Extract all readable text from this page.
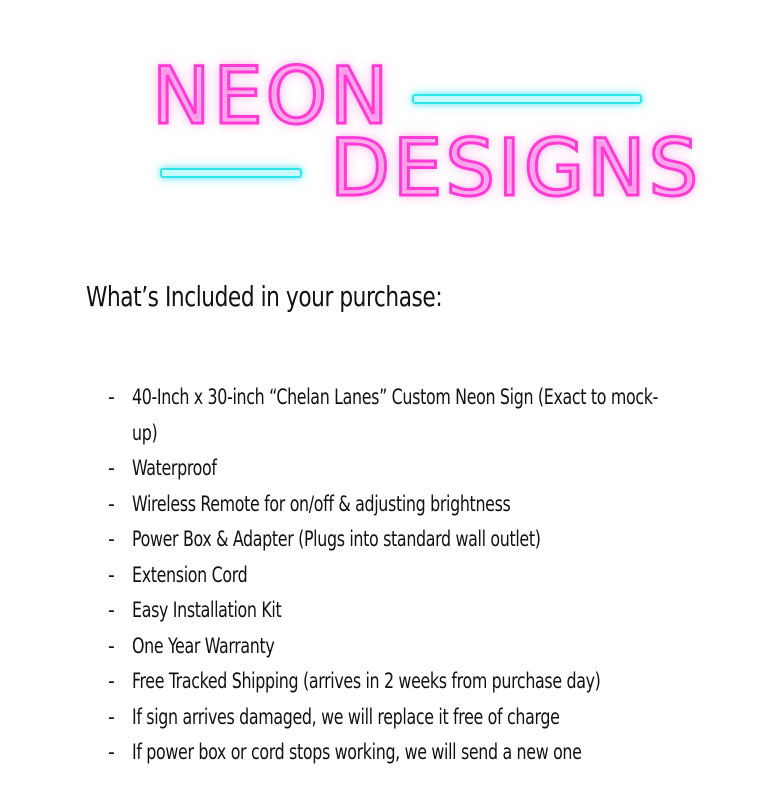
NEON
DESIGNS
What’s Included in your purchase:
- 40-Inch x 30-inch “Chelan Lanes” Custom Neon Sign (Exact to mock-up)
- Waterproof
- Wireless Remote for on/off & adjusting brightness
- Power Box & Adapter (Plugs into standard wall outlet)
- Extension Cord
- Easy Installation Kit
- One Year Warranty
- Free Tracked Shipping (arrives in 2 weeks from purchase day)
- If sign arrives damaged, we will replace it free of charge
- If power box or cord stops working, we will send a new one
